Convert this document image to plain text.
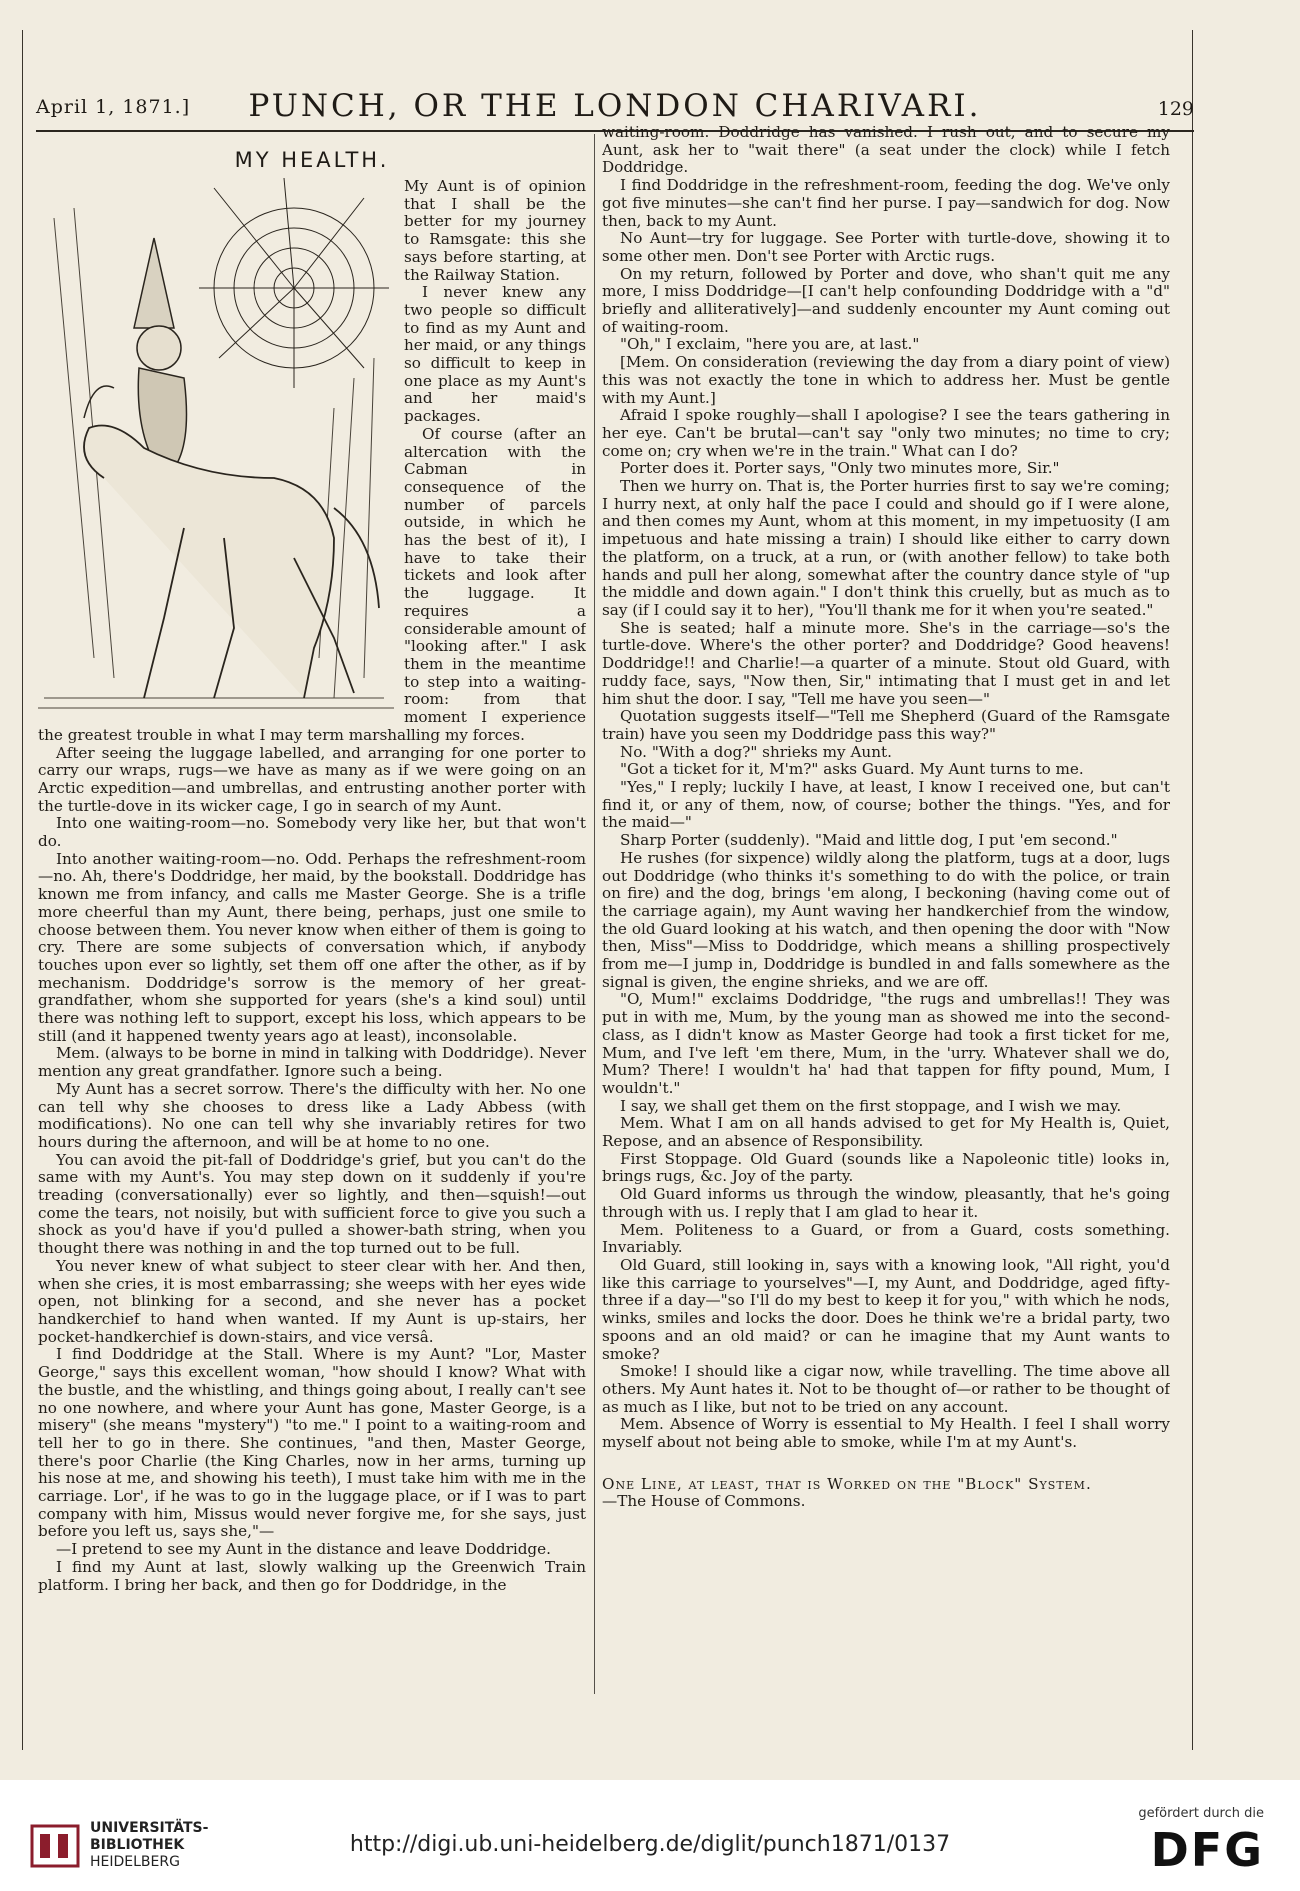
April 1, 1871.]	PUNCH, OR THE LONDON CHARIVARI.	129
MY HEALTH.

My Aunt is of opinion that I shall be the better for my journey to Ramsgate: this she says before starting, at the Railway Station.

I never knew any two people so difficult to find as my Aunt and her maid, or any things so difficult to keep in one place as my Aunt's and her maid's packages.

Of course (after an altercation with the Cabman in consequence of the number of parcels outside, in which he has the best of it), I have to take their tickets and look after the luggage. It requires a considerable amount of "looking after." I ask them in the meantime to step into a waiting-room: from that moment I experience the greatest trouble in what I may term marshalling my forces.

After seeing the luggage labelled, and arranging for one porter to carry our wraps, rugs—we have as many as if we were going on an Arctic expedition—and umbrellas, and entrusting another porter with the turtle-dove in its wicker cage, I go in search of my Aunt.

Into one waiting-room—no. Somebody very like her, but that won't do.

Into another waiting-room—no. Odd. Perhaps the refreshment-room—no. Ah, there's Doddridge, her maid, by the bookstall. Doddridge has known me from infancy, and calls me Master George. She is a trifle more cheerful than my Aunt, there being, perhaps, just one smile to choose between them. You never know when either of them is going to cry. There are some subjects of conversation which, if anybody touches upon ever so lightly, set them off one after the other, as if by mechanism. Doddridge's sorrow is the memory of her great-grandfather, whom she supported for years (she's a kind soul) until there was nothing left to support, except his loss, which appears to be still (and it happened twenty years ago at least), inconsolable.

Mem. (always to be borne in mind in talking with Doddridge). Never mention any great grandfather. Ignore such a being.

My Aunt has a secret sorrow. There's the difficulty with her. No one can tell why she chooses to dress like a Lady Abbess (with modifications). No one can tell why she invariably retires for two hours during the afternoon, and will be at home to no one.

You can avoid the pit-fall of Doddridge's grief, but you can't do the same with my Aunt's. You may step down on it suddenly if you're treading (conversationally) ever so lightly, and then—squish!—out come the tears, not noisily, but with sufficient force to give you such a shock as you'd have if you'd pulled a shower-bath string, when you thought there was nothing in and the top turned out to be full.

You never knew of what subject to steer clear with her. And then, when she cries, it is most embarrassing; she weeps with her eyes wide open, not blinking for a second, and she never has a pocket handkerchief to hand when wanted. If my Aunt is up-stairs, her pocket-handkerchief is down-stairs, and vice versâ.

I find Doddridge at the Stall. Where is my Aunt? "Lor, Master George," says this excellent woman, "how should I know? What with the bustle, and the whistling, and things going about, I really can't see no one nowhere, and where your Aunt has gone, Master George, is a misery" (she means "mystery") "to me." I point to a waiting-room and tell her to go in there. She continues, "and then, Master George, there's poor Charlie (the King Charles, now in her arms, turning up his nose at me, and showing his teeth), I must take him with me in the carriage. Lor', if he was to go in the luggage place, or if I was to part company with him, Missus would never forgive me, for she says, just before you left us, says she,"—

—I pretend to see my Aunt in the distance and leave Doddridge.

I find my Aunt at last, slowly walking up the Greenwich Train platform. I bring her back, and then go for Doddridge, in the

waiting-room. Doddridge has vanished. I rush out, and to secure my Aunt, ask her to "wait there" (a seat under the clock) while I fetch Doddridge.

I find Doddridge in the refreshment-room, feeding the dog. We've only got five minutes—she can't find her purse. I pay—sandwich for dog. Now then, back to my Aunt.

No Aunt—try for luggage. See Porter with turtle-dove, showing it to some other men. Don't see Porter with Arctic rugs.

On my return, followed by Porter and dove, who shan't quit me any more, I miss Doddridge—[I can't help confounding Doddridge with a "d" briefly and alliteratively]—and suddenly encounter my Aunt coming out of waiting-room.

"Oh," I exclaim, "here you are, at last."

[Mem. On consideration (reviewing the day from a diary point of view) this was not exactly the tone in which to address her. Must be gentle with my Aunt.]

Afraid I spoke roughly—shall I apologise? I see the tears gathering in her eye. Can't be brutal—can't say "only two minutes; no time to cry; come on; cry when we're in the train." What can I do?

Porter does it. Porter says, "Only two minutes more, Sir."

Then we hurry on. That is, the Porter hurries first to say we're coming; I hurry next, at only half the pace I could and should go if I were alone, and then comes my Aunt, whom at this moment, in my impetuosity (I am impetuous and hate missing a train) I should like either to carry down the platform, on a truck, at a run, or (with another fellow) to take both hands and pull her along, somewhat after the country dance style of "up the middle and down again." I don't think this cruelly, but as much as to say (if I could say it to her), "You'll thank me for it when you're seated."

She is seated; half a minute more. She's in the carriage—so's the turtle-dove. Where's the other porter? and Doddridge? Good heavens! Doddridge!! and Charlie!—a quarter of a minute. Stout old Guard, with ruddy face, says, "Now then, Sir," intimating that I must get in and let him shut the door. I say, "Tell me have you seen—"

Quotation suggests itself—"Tell me Shepherd (Guard of the Ramsgate train) have you seen my Doddridge pass this way?"

No. "With a dog?" shrieks my Aunt.

"Got a ticket for it, M'm?" asks Guard. My Aunt turns to me.

"Yes," I reply; luckily I have, at least, I know I received one, but can't find it, or any of them, now, of course; bother the things. "Yes, and for the maid—"

Sharp Porter (suddenly). "Maid and little dog, I put 'em second."

He rushes (for sixpence) wildly along the platform, tugs at a door, lugs out Doddridge (who thinks it's something to do with the police, or train on fire) and the dog, brings 'em along, I beckoning (having come out of the carriage again), my Aunt waving her handkerchief from the window, the old Guard looking at his watch, and then opening the door with "Now then, Miss"—Miss to Doddridge, which means a shilling prospectively from me—I jump in, Doddridge is bundled in and falls somewhere as the signal is given, the engine shrieks, and we are off.

"O, Mum!" exclaims Doddridge, "the rugs and umbrellas!! They was put in with me, Mum, by the young man as showed me into the second-class, as I didn't know as Master George had took a first ticket for me, Mum, and I've left 'em there, Mum, in the 'urry. Whatever shall we do, Mum? There! I wouldn't ha' had that tappen for fifty pound, Mum, I wouldn't."

I say, we shall get them on the first stoppage, and I wish we may.

Mem. What I am on all hands advised to get for My Health is, Quiet, Repose, and an absence of Responsibility.

First Stoppage. Old Guard (sounds like a Napoleonic title) looks in, brings rugs, &c. Joy of the party.

Old Guard informs us through the window, pleasantly, that he's going through with us. I reply that I am glad to hear it.

Mem. Politeness to a Guard, or from a Guard, costs something. Invariably.

Old Guard, still looking in, says with a knowing look, "All right, you'd like this carriage to yourselves"—I, my Aunt, and Doddridge, aged fifty-three if a day—"so I'll do my best to keep it for you," with which he nods, winks, smiles and locks the door. Does he think we're a bridal party, two spoons and an old maid? or can he imagine that my Aunt wants to smoke?

Smoke! I should like a cigar now, while travelling. The time above all others. My Aunt hates it. Not to be thought of—or rather to be thought of as much as I like, but not to be tried on any account.

Mem. Absence of Worry is essential to My Health. I feel I shall worry myself about not being able to smoke, while I'm at my Aunt's.

One Line, at least, that is Worked on the "Block" System.

—The House of Commons.

UNIVERSITÄTS-
BIBLIOTHEK
HEIDELBERG
http://digi.ub.uni-heidelberg.de/diglit/punch1871/0137
gefördert durch die
DFG
